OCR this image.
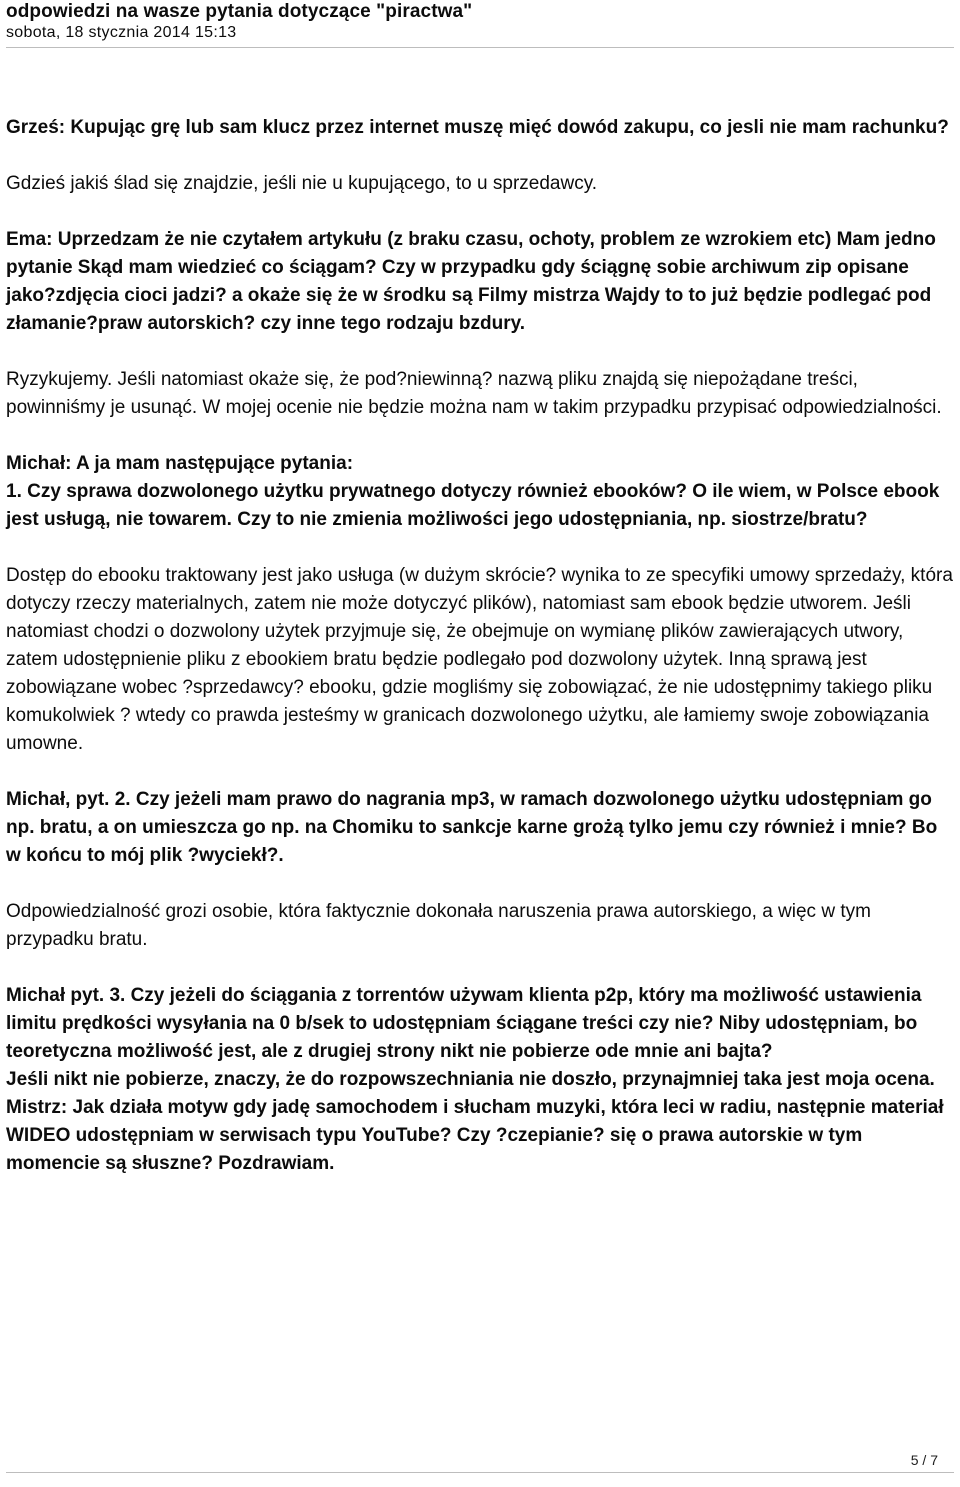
odpowiedzi na wasze pytania dotyczące "piractwa"

sobota, 18 stycznia 2014 15:13

Grześ: Kupując grę lub sam klucz przez internet muszę mięć dowód zakupu, co jesli nie mam rachunku?

Gdzieś jakiś ślad się znajdzie, jeśli nie u kupującego, to u sprzedawcy.

Ema: Uprzedzam że nie czytałem artykułu (z braku czasu, ochoty, problem ze wzrokiem etc) Mam jedno pytanie Skąd mam wiedzieć co ściągam? Czy w przypadku gdy ściągnę sobie archiwum zip opisane jako?zdjęcia cioci jadzi? a okaże się że w środku są Filmy mistrza Wajdy to to już będzie podlegać pod złamanie?praw autorskich? czy inne tego rodzaju bzdury.

Ryzykujemy. Jeśli natomiast okaże się, że pod?niewinną? nazwą pliku znajdą się niepożądane treści, powinniśmy je usunąć. W mojej ocenie nie będzie można nam w takim przypadku przypisać odpowiedzialności.

Michał: A ja mam następujące pytania:

1. Czy sprawa dozwolonego użytku prywatnego dotyczy również ebooków? O ile wiem, w Polsce ebook jest usługą, nie towarem. Czy to nie zmienia możliwości jego udostępniania, np. siostrze/bratu?

Dostęp do ebooku traktowany jest jako usługa (w dużym skrócie? wynika to ze specyfiki umowy sprzedaży, która dotyczy rzeczy materialnych, zatem nie może dotyczyć plików), natomiast sam ebook będzie utworem. Jeśli natomiast chodzi o dozwolony użytek przyjmuje się, że obejmuje on wymianę plików zawierających utwory, zatem udostępnienie pliku z ebookiem bratu będzie podlegało pod dozwolony użytek. Inną sprawą jest zobowiązane wobec ?sprzedawcy? ebooku, gdzie mogliśmy się zobowiązać, że nie udostępnimy takiego pliku komukolwiek ? wtedy co prawda jesteśmy w granicach dozwolonego użytku, ale łamiemy swoje zobowiązania umowne.

Michał, pyt. 2. Czy jeżeli mam prawo do nagrania mp3, w ramach dozwolonego użytku udostępniam go np. bratu, a on umieszcza go np. na Chomiku to sankcje karne grożą tylko jemu czy również i mnie? Bo w końcu to mój plik ?wyciekł?.

Odpowiedzialność grozi osobie, która faktycznie dokonała naruszenia prawa autorskiego, a więc w tym przypadku bratu.

Michał pyt. 3. Czy jeżeli do ściągania z torrentów używam klienta p2p, który ma możliwość ustawienia limitu prędkości wysyłania na 0 b/sek to udostępniam ściągane treści czy nie? Niby udostępniam, bo teoretyczna możliwość jest, ale z drugiej strony nikt nie pobierze ode mnie ani bajta?

Jeśli nikt nie pobierze, znaczy, że do rozpowszechniania nie doszło, przynajmniej taka jest moja ocena.

Mistrz: Jak działa motyw gdy jadę samochodem i słucham muzyki, która leci w radiu, następnie materiał WIDEO udostępniam w serwisach typu YouTube? Czy ?czepianie? się o prawa autorskie w tym momencie są słuszne? Pozdrawiam.

5 / 7
